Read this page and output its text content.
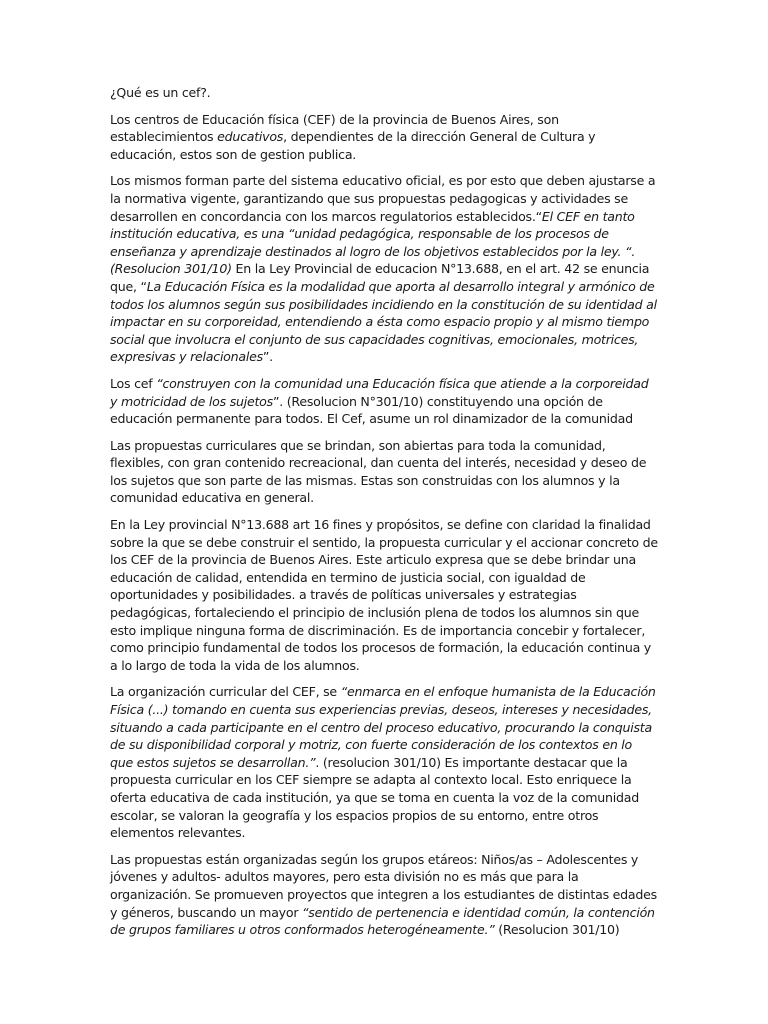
¿Qué es un cef?.

Los centros de Educación física (CEF) de la provincia de Buenos Aires, son establecimientos educativos, dependientes de la dirección General de Cultura y educación, estos son de gestion publica.

Los mismos forman parte del sistema educativo oficial, es por esto que deben ajustarse a la normativa vigente, garantizando que sus propuestas pedagogicas y actividades se desarrollen en concordancia con los marcos regulatorios establecidos.“El CEF en tanto institución educativa, es una “unidad pedagógica, responsable de los procesos de enseñanza y aprendizaje destinados al logro de los objetivos establecidos por la ley. “.(Resolucion 301/10) En la Ley Provincial de educacion N°13.688, en el art. 42 se enuncia que, “La Educación Física es la modalidad que aporta al desarrollo integral y armónico de todos los alumnos según sus posibilidades incidiendo en la constitución de su identidad al impactar en su corporeidad, entendiendo a ésta como espacio propio y al mismo tiempo social que involucra el conjunto de sus capacidades cognitivas, emocionales, motrices, expresivas y relacionales”.

Los cef “construyen con la comunidad una Educación física que atiende a la corporeidad y motricidad de los sujetos”. (Resolucion N°301/10) constituyendo una opción de educación permanente para todos. El Cef, asume un rol dinamizador de la comunidad

Las propuestas curriculares que se brindan, son abiertas para toda la comunidad, flexibles, con gran contenido recreacional, dan cuenta del interés, necesidad y deseo de los sujetos que son parte de las mismas. Estas son construidas con los alumnos y la comunidad educativa en general.

En la Ley provincial N°13.688 art 16 fines y propósitos, se define con claridad la finalidad sobre la que se debe construir el sentido, la propuesta curricular y el accionar concreto de los CEF de la provincia de Buenos Aires. Este articulo expresa que se debe brindar una educación de calidad, entendida en termino de justicia social, con igualdad de oportunidades y posibilidades. a través de políticas universales y estrategias pedagógicas, fortaleciendo el principio de inclusión plena de todos los alumnos sin que esto implique ninguna forma de discriminación. Es de importancia concebir y fortalecer, como principio fundamental de todos los procesos de formación, la educación continua y a lo largo de toda la vida de los alumnos.

La organización curricular del CEF, se “enmarca en el enfoque humanista de la Educación Física (...) tomando en cuenta sus experiencias previas, deseos, intereses y necesidades, situando a cada participante en el centro del proceso educativo, procurando la conquista de su disponibilidad corporal y motriz, con fuerte consideración de los contextos en lo que estos sujetos se desarrollan.”. (resolucion 301/10) Es importante destacar que la propuesta curricular en los CEF siempre se adapta al contexto local. Esto enriquece la oferta educativa de cada institución, ya que se toma en cuenta la voz de la comunidad escolar, se valoran la geografía y los espacios propios de su entorno, entre otros elementos relevantes.

Las propuestas están organizadas según los grupos etáreos: Niños/as – Adolescentes y jóvenes y adultos- adultos mayores, pero esta división no es más que para la organización. Se promueven proyectos que integren a los estudiantes de distintas edades y géneros, buscando un mayor “sentido de pertenencia e identidad común, la contención de grupos familiares u otros conformados heterogéneamente.” (Resolucion 301/10)
